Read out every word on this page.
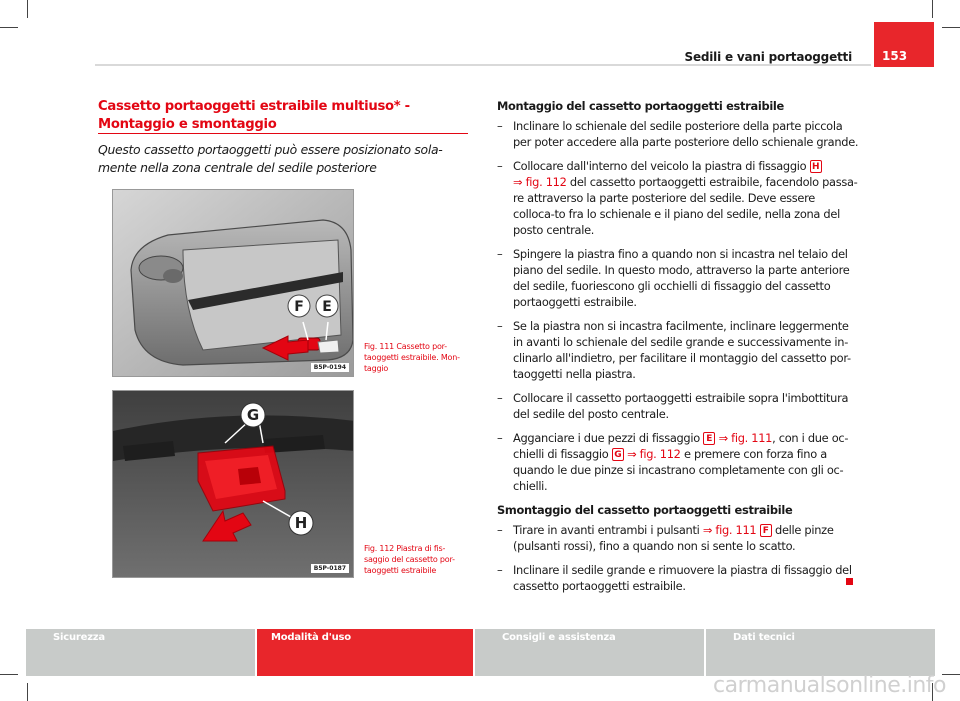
Sedili e vani portaoggetti	153
Cassetto portaoggetti estraibile multiuso* - Montaggio e smontaggio
Questo cassetto portaoggetti può essere posizionato sola-mente nella zona centrale del sedile posteriore
F E
B5P-0194
Fig. 111 Cassetto por-taoggetti estraibile. Mon-taggio
G
H
B5P-0187
Fig. 112 Piastra di fis-saggio del cassetto por-taoggetti estraibile
Montaggio del cassetto portaoggetti estraibile
– Inclinare lo schienale del sedile posteriore della parte piccola per poter accedere alla parte posteriore dello schienale grande.
– Collocare dall'interno del veicolo la piastra di fissaggio H
⇒ fig. 112 del cassetto portaoggetti estraibile, facendolo passa-re attraverso la parte posteriore del sedile. Deve essere colloca-to fra lo schienale e il piano del sedile, nella zona del posto centrale.
– Spingere la piastra fino a quando non si incastra nel telaio del piano del sedile. In questo modo, attraverso la parte anteriore del sedile, fuoriescono gli occhielli di fissaggio del cassetto portaoggetti estraibile.
– Se la piastra non si incastra facilmente, inclinare leggermente in avanti lo schienale del sedile grande e successivamente in-clinarlo all'indietro, per facilitare il montaggio del cassetto por-taoggetti nella piastra.
– Collocare il cassetto portaoggetti estraibile sopra l'imbottitura del sedile del posto centrale.
– Agganciare i due pezzi di fissaggio E ⇒ fig. 111, con i due oc-chielli di fissaggio G ⇒ fig. 112 e premere con forza fino a quando le due pinze si incastrano completamente con gli oc-chielli.
Smontaggio del cassetto portaoggetti estraibile
– Tirare in avanti entrambi i pulsanti ⇒ fig. 111 F delle pinze (pulsanti rossi), fino a quando non si sente lo scatto.
– Inclinare il sedile grande e rimuovere la piastra di fissaggio del cassetto portaoggetti estraibile.
Sicurezza	Modalità d'uso	Consigli e assistenza	Dati tecnici
carmanualsonline.info
